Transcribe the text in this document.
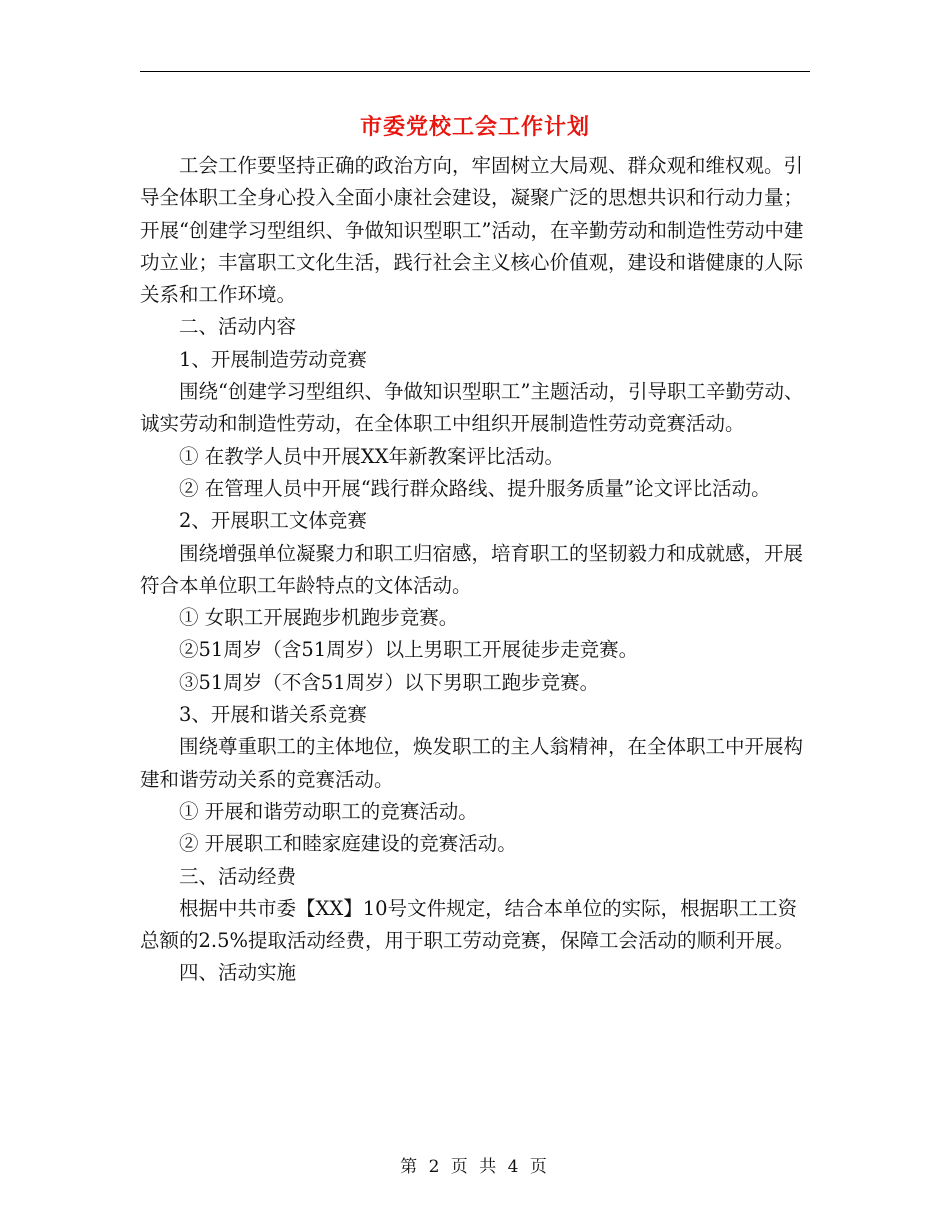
市委党校工会工作计划

工会工作要坚持正确的政治方向，牢固树立大局观、群众观和维权观。引导全体职工全身心投入全面小康社会建设，凝聚广泛的思想共识和行动力量；开展“创建学习型组织、争做知识型职工”活动，在辛勤劳动和制造性劳动中建功立业；丰富职工文化生活，践行社会主义核心价值观，建设和谐健康的人际关系和工作环境。

二、活动内容

1、开展制造劳动竞赛

围绕“创建学习型组织、争做知识型职工”主题活动，引导职工辛勤劳动、诚实劳动和制造性劳动，在全体职工中组织开展制造性劳动竞赛活动。

① 在教学人员中开展XX年新教案评比活动。

② 在管理人员中开展“践行群众路线、提升服务质量”论文评比活动。

2、开展职工文体竞赛

围绕增强单位凝聚力和职工归宿感，培育职工的坚韧毅力和成就感，开展符合本单位职工年龄特点的文体活动。

① 女职工开展跑步机跑步竞赛。

②51周岁（含51周岁）以上男职工开展徒步走竞赛。

③51周岁（不含51周岁）以下男职工跑步竞赛。

3、开展和谐关系竞赛

围绕尊重职工的主体地位，焕发职工的主人翁精神，在全体职工中开展构建和谐劳动关系的竞赛活动。

① 开展和谐劳动职工的竞赛活动。

② 开展职工和睦家庭建设的竞赛活动。

三、活动经费

根据中共市委【XX】10号文件规定，结合本单位的实际，根据职工工资总额的2.5%提取活动经费，用于职工劳动竞赛，保障工会活动的顺利开展。

四、活动实施

第 2 页 共 4 页
